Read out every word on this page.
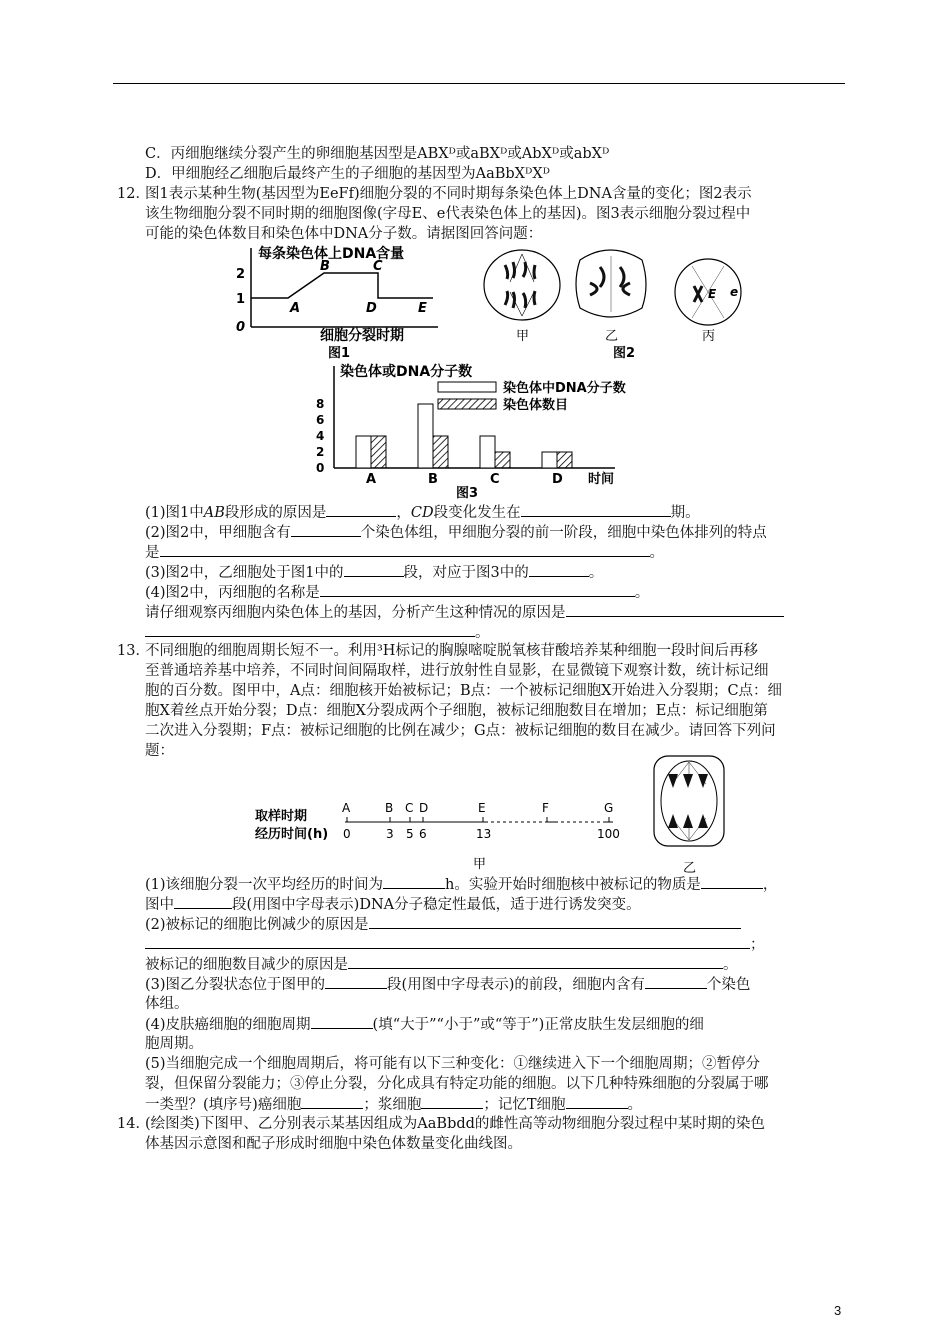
C．丙细胞继续分裂产生的卵细胞基因型是ABXᴰ或aBXᴰ或AbXᴰ或abXᴰ
D．甲细胞经乙细胞后最终产生的子细胞的基因型为AaBbXᴰXᴰ
12．
图1表示某种生物(基因型为EeFf)细胞分裂的不同时期每条染色体上DNA含量的变化；图2表示
该生物细胞分裂不同时期的细胞图像(字母E、e代表染色体上的基因)。图3表示细胞分裂过程中
可能的染色体数目和染色体中DNA分子数。请据图回答问题：
每条染色体上DNA含量
2
1
0
A
B	C
D	E
细胞分裂时期
图1
甲	乙
E e
丙
图2
染色体或DNA分子数
染色体中DNA分子数
染色体数目
8
6
4
2
0
A	B	C	D 时间
图3
(1)图1中AB段形成的原因是	，CD段变化发生在	期。
(2)图2中，甲细胞含有	个染色体组，甲细胞分裂的前一阶段，细胞中染色体排列的特点
是	。
(3)图2中，乙细胞处于图1中的	段，对应于图3中的	。
(4)图2中，丙细胞的名称是	。
请仔细观察丙细胞内染色体上的基因，分析产生这种情况的原因是
。
13．
不同细胞的细胞周期长短不一。利用³H标记的胸腺嘧啶脱氧核苷酸培养某种细胞一段时间后再移
至普通培养基中培养，不同时间间隔取样，进行放射性自显影，在显微镜下观察计数，统计标记细
胞的百分数。图甲中，A点：细胞核开始被标记；B点：一个被标记细胞X开始进入分裂期；C点：细
胞X着丝点开始分裂；D点：细胞X分裂成两个子细胞，被标记细胞数目在增加；E点：标记细胞第
二次进入分裂期；F点：被标记细胞的比例在减少；G点：被标记细胞的数目在减少。请回答下列问
题：
取样时期
经历时间(h)
A	B C D	E	F	G
0	3 5 6	13	100
甲	乙
(1)该细胞分裂一次平均经历的时间为	h。实验开始时细胞核中被标记的物质是	，
图中	段(用图中字母表示)DNA分子稳定性最低，适于进行诱发突变。
(2)被标记的细胞比例减少的原因是
；
被标记的细胞数目减少的原因是	。
(3)图乙分裂状态位于图甲的	段(用图中字母表示)的前段，细胞内含有	个染色
体组。
(4)皮肤癌细胞的细胞周期	(填“大于”“小于”或“等于”)正常皮肤生发层细胞的细
胞周期。
(5)当细胞完成一个细胞周期后，将可能有以下三种变化：①继续进入下一个细胞周期；②暂停分
裂，但保留分裂能力；③停止分裂，分化成具有特定功能的细胞。以下几种特殊细胞的分裂属于哪
一类型？(填序号)癌细胞	；浆细胞	；记忆T细胞	。
14．
(绘图类)下图甲、乙分别表示某基因组成为AaBbdd的雌性高等动物细胞分裂过程中某时期的染色
体基因示意图和配子形成时细胞中染色体数量变化曲线图。
3
